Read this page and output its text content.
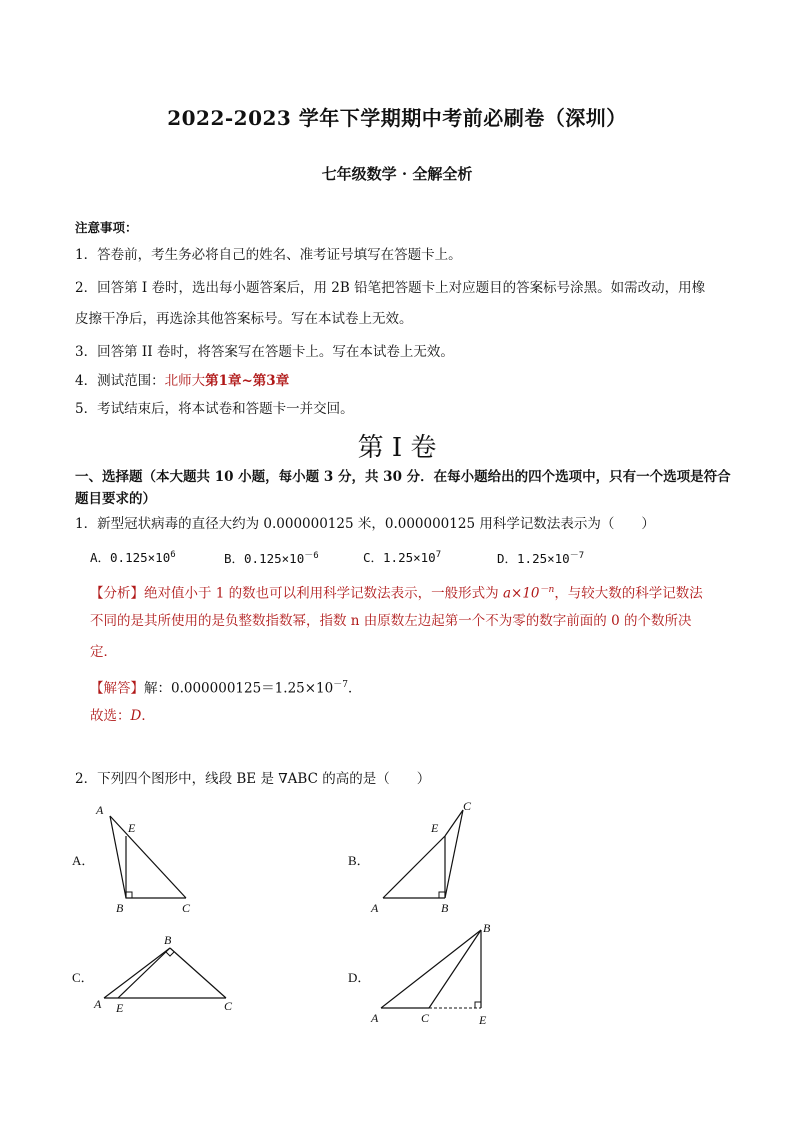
2022-2023 学年下学期期中考前必刷卷（深圳）
七年级数学 · 全解全析
注意事项：
1．答卷前，考生务必将自己的姓名、准考证号填写在答题卡上。
2．回答第 I 卷时，选出每小题答案后，用 2B 铅笔把答题卡上对应题目的答案标号涂黑。如需改动，用橡
皮擦干净后，再选涂其他答案标号。写在本试卷上无效。
3．回答第 II 卷时，将答案写在答题卡上。写在本试卷上无效。
4．测试范围：北师大第1章~第3章
5．考试结束后，将本试卷和答题卡一并交回。
第 I 卷
一、选择题（本大题共 10 小题，每小题 3 分，共 30 分．在每小题给出的四个选项中，只有一个选项是符合题目要求的）
1．新型冠状病毒的直径大约为 0.000000125 米，0.000000125 用科学记数法表示为（　　）
A．$0.125\times 10^6$	B．$0.125\times 10^{-6}$	C．$1.25\times 10^7$	D．$1.25\times 10^{-7}$
【分析】绝对值小于 1 的数也可以利用科学记数法表示，一般形式为 $a\times 10^{-n}$，与较大数的科学记数法
不同的是其所使用的是负整数指数幂，指数 n 由原数左边起第一个不为零的数字前面的 0 的个数所决
定．
【解答】解：$0.000000125=1.25\times 10^{-7}$．
故选：D．
2．下列四个图形中，线段 BE 是 ∇ABC 的高的是（　　）
A．	B．
C．	D．
A
E
B	C	A	B
C
E
A
B
C
E
A
B
C	E
